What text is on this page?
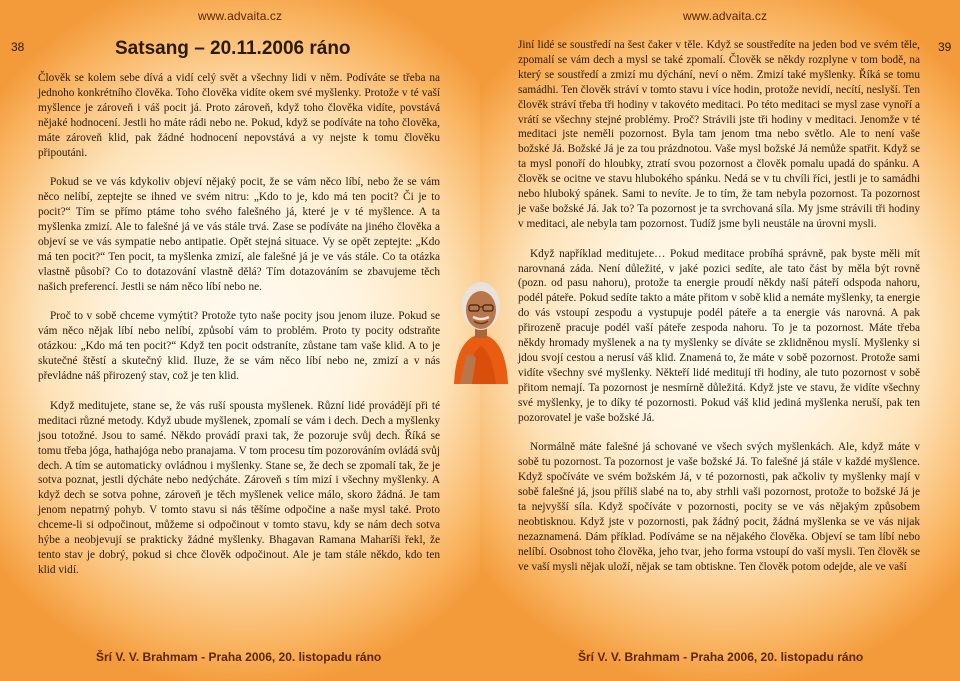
www.advaita.cz
38	Satsang – 20.11.2006 ráno

Člověk se kolem sebe dívá a vidí celý svět a všechny lidi v něm. Podíváte se třeba na jednoho konkrétního člověka. Toho člověka vidíte okem své myšlenky. Protože v té vaší myšlence je zároveň i váš pocit já. Proto zároveň, když toho člověka vidíte, povstává nějaké hodnocení. Jestli ho máte rádi nebo ne. Pokud, když se podíváte na toho člověka, máte zároveň klid, pak žádné hodnocení nepovstává a vy nejste k tomu člověku připoutáni.

Pokud se ve vás kdykoliv objeví nějaký pocit, že se vám něco líbí, nebo že se vám něco nelíbí, zeptejte se ihned ve svém nitru: „Kdo to je, kdo má ten pocit? Či je to pocit?“ Tím se přímo ptáme toho svého falešného já, které je v té myšlence. A ta myšlenka zmizí. Ale to falešné já ve vás stále trvá. Zase se podíváte na jiného člověka a objeví se ve vás sympatie nebo antipatie. Opět stejná situace. Vy se opět zeptejte: „Kdo má ten pocit?“ Ten pocit, ta myšlenka zmizí, ale falešné já je ve vás stále. Co ta otázka vlastně působí? Co to dotazování vlastně dělá? Tím dotazováním se zbavujeme těch našich preferencí. Jestli se nám něco líbí nebo ne.

Proč to v sobě chceme vymýtit? Protože tyto naše pocity jsou jenom iluze. Pokud se vám něco nějak líbí nebo nelíbí, způsobí vám to problém. Proto ty pocity odstraňte otázkou: „Kdo má ten pocit?“ Když ten pocit odstraníte, zůstane tam vaše klid. A to je skutečné štěstí a skutečný klid. Iluze, že se vám něco líbí nebo ne, zmizí a v nás převládne náš přirozený stav, což je ten klid.

Když meditujete, stane se, že vás ruší spousta myšlenek. Různí lidé provádějí při té meditaci různé metody. Když ubude myšlenek, zpomalí se vám i dech. Dech a myšlenky jsou totožné. Jsou to samé. Někdo provádí praxi tak, že pozoruje svůj dech. Říká se tomu třeba jóga, hathajóga nebo pranajama. V tom procesu tím pozorováním ovládá svůj dech. A tím se automaticky ovládnou i myšlenky. Stane se, že dech se zpomalí tak, že je sotva poznat, jestli dýcháte nebo nedýcháte. Zároveň s tím mizí i všechny myšlenky. A když dech se sotva pohne, zároveň je těch myšlenek velice málo, skoro žádná. Je tam jenom nepatrný pohyb. V tomto stavu si nás těšíme odpočine a naše mysl také. Proto chceme-li si odpočinout, můžeme si odpočinout v tomto stavu, kdy se nám dech sotva hýbe a neobjevují se prakticky žádné myšlenky. Bhagavan Ramana Maharíši řekl, že tento stav je dobrý, pokud si chce člověk odpočinout. Ale je tam stále někdo, kdo ten klid vidí.

Šrí V. V. Brahmam - Praha 2006, 20. listopadu ráno
www.advaita.cz
39

Jiní lidé se soustředí na šest čaker v těle. Když se soustředíte na jeden bod ve svém těle, zpomalí se vám dech a mysl se také zpomalí. Člověk se někdy rozplyne v tom bodě, na který se soustředí a zmizí mu dýchání, neví o něm. Zmizí také myšlenky. Říká se tomu samádhi. Ten člověk stráví v tomto stavu i více hodin, protože nevidí, necítí, neslyší. Ten člověk stráví třeba tři hodiny v takovéto meditaci. Po této meditaci se mysl zase vynoří a vrátí se všechny stejné problémy. Proč? Strávili jste tři hodiny v meditaci. Jenomže v té meditaci jste neměli pozornost. Byla tam jenom tma nebo světlo. Ale to není vaše božské Já. Božské Já je za tou prázdnotou. Vaše mysl božské Já nemůže spatřit. Když se ta mysl ponoří do hloubky, ztratí svou pozornost a člověk pomalu upadá do spánku. A člověk se ocitne ve stavu hlubokého spánku. Nedá se v tu chvíli říci, jestli je to samádhi nebo hluboký spánek. Sami to nevíte. Je to tím, že tam nebyla pozornost. Ta pozornost je vaše božské Já. Jak to? Ta pozornost je ta svrchovaná síla. My jsme strávili tři hodiny v meditaci, ale nebyla tam pozornost. Tudíž jsme byli neustále na úrovni mysli.

Když například meditujete… Pokud meditace probíhá správně, pak byste měli mít narovnaná záda. Není důležité, v jaké pozici sedíte, ale tato část by měla být rovně (pozn. od pasu nahoru), protože ta energie proudí někdy naší páteří odspoda nahoru, podél páteře. Pokud sedíte takto a máte přitom v sobě klid a nemáte myšlenky, ta energie do vás vstoupí zespodu a vystupuje podél páteře a ta energie vás narovná. A pak přirozeně pracuje podél vaší páteře zespoda nahoru. To je ta pozornost. Máte třeba někdy hromady myšlenek a na ty myšlenky se díváte se zklidněnou myslí. Myšlenky si jdou svojí cestou a nerusí váš klid. Znamená to, že máte v sobě pozornost. Protože sami vidíte všechny své myšlenky. Někteří lidé meditují tři hodiny, ale tuto pozornost v sobě přitom nemají. Ta pozornost je nesmírně důležitá. Když jste ve stavu, že vidíte všechny své myšlenky, je to díky té pozornosti. Pokud váš klid jediná myšlenka neruší, pak ten pozorovatel je vaše božské Já.

Normálně máte falešné já schované ve všech svých myšlenkách. Ale, když máte v sobě tu pozornost. Ta pozornost je vaše božské Já. To falešné já stále v každé myšlence. Když spočíváte ve svém božském Já, v té pozornosti, pak ačkoliv ty myšlenky mají v sobě falešné já, jsou příliš slabé na to, aby strhli vaši pozornost, protože to božské Já je ta nejvyšší síla. Když spočíváte v pozornosti, pocity se ve vás nějakým způsobem neobtisknou. Když jste v pozornosti, pak žádný pocit, žádná myšlenka se ve vás nijak nezaznamená. Dám příklad. Podíváme se na nějakého člověka. Objeví se tam líbí nebo nelíbí. Osobnost toho člověka, jeho tvar, jeho forma vstoupí do vaší mysli. Ten člověk se ve vaší mysli nějak uloží, nějak se tam obtiskne. Ten člověk potom odejde, ale ve vaší

Šrí V. V. Brahmam - Praha 2006, 20. listopadu ráno
